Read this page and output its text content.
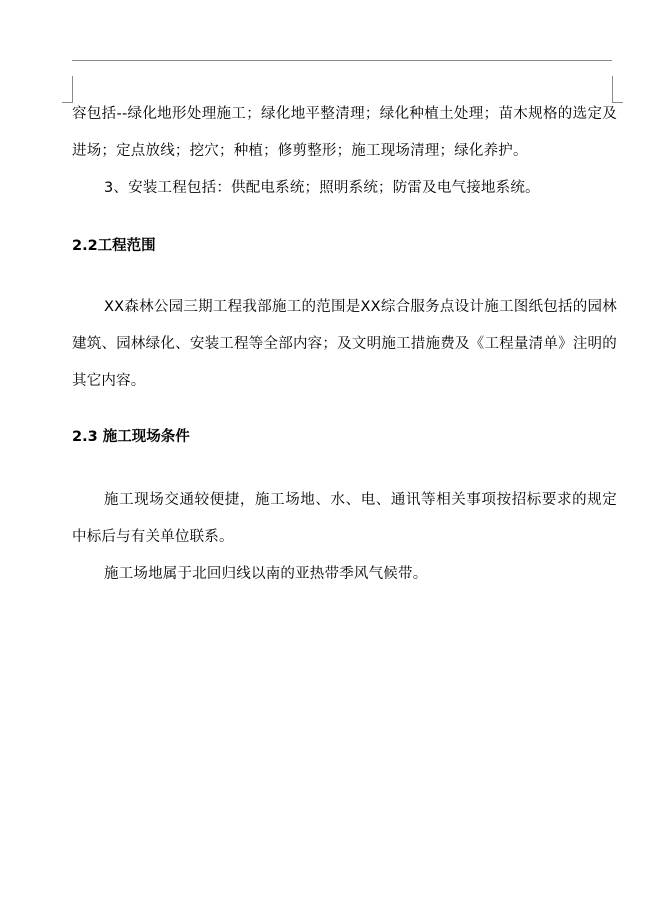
容包括--绿化地形处理施工；绿化地平整清理；绿化种植土处理；苗木规格的选定及进场；定点放线；挖穴；种植；修剪整形；施工现场清理；绿化养护。

3、安装工程包括：供配电系统；照明系统；防雷及电气接地系统。

2.2工程范围

XX森林公园三期工程我部施工的范围是XX综合服务点设计施工图纸包括的园林建筑、园林绿化、安装工程等全部内容；及文明施工措施费及《工程量清单》注明的其它内容。

2.3 施工现场条件

施工现场交通较便捷，施工场地、水、电、通讯等相关事项按招标要求的规定中标后与有关单位联系。

施工场地属于北回归线以南的亚热带季风气候带。
